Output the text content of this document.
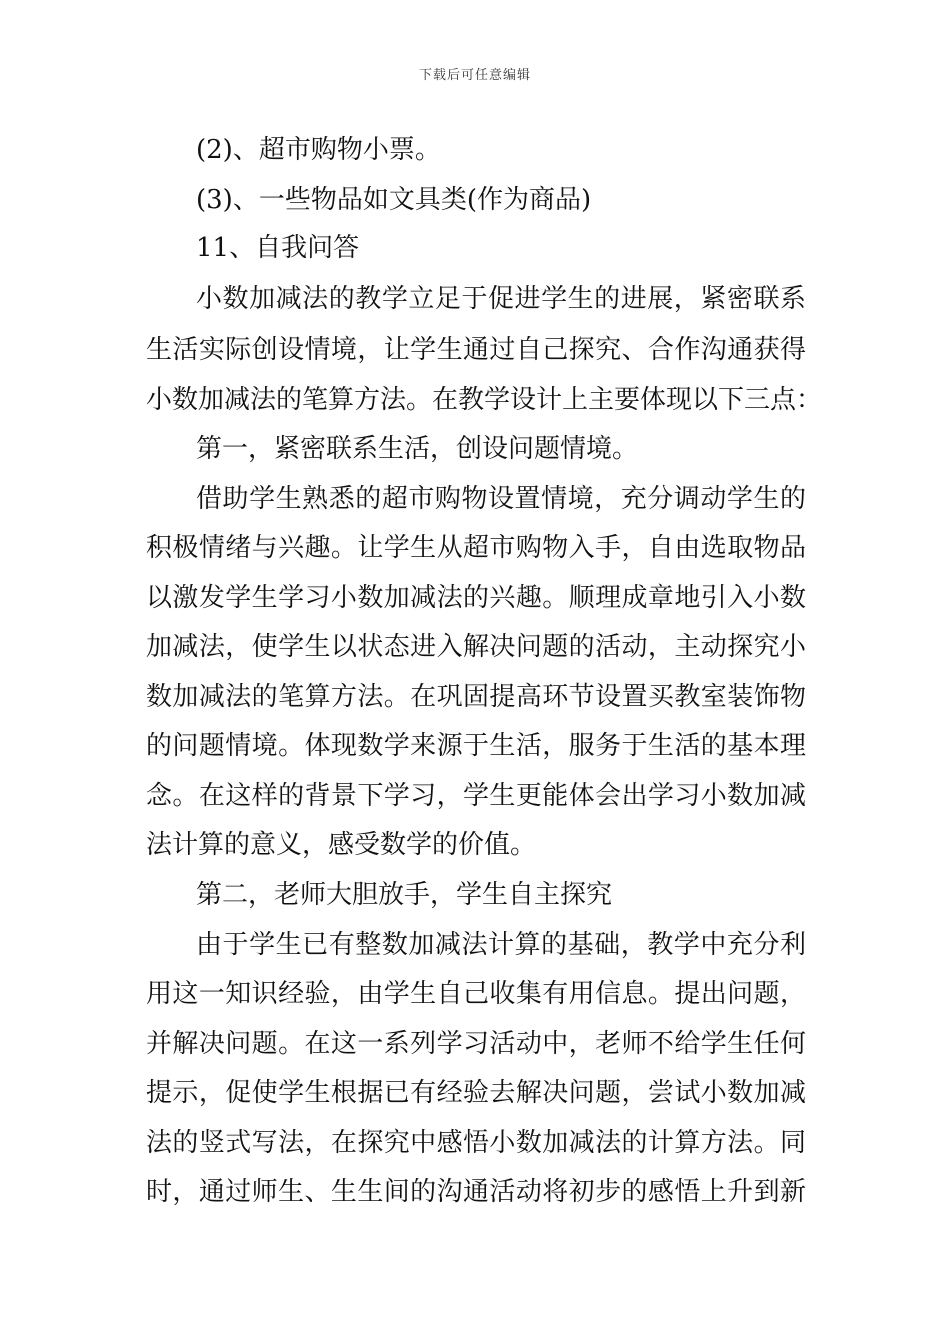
下载后可任意编辑
(2)、超市购物小票。
(3)、一些物品如文具类(作为商品)
11、自我问答
小数加减法的教学立足于促进学生的进展，紧密联系
生活实际创设情境，让学生通过自己探究、合作沟通获得
小数加减法的笔算方法。在教学设计上主要体现以下三点：
第一，紧密联系生活，创设问题情境。
借助学生熟悉的超市购物设置情境，充分调动学生的
积极情绪与兴趣。让学生从超市购物入手，自由选取物品
以激发学生学习小数加减法的兴趣。顺理成章地引入小数
加减法，使学生以状态进入解决问题的活动，主动探究小
数加减法的笔算方法。在巩固提高环节设置买教室装饰物
的问题情境。体现数学来源于生活，服务于生活的基本理
念。在这样的背景下学习，学生更能体会出学习小数加减
法计算的意义，感受数学的价值。
第二，老师大胆放手，学生自主探究
由于学生已有整数加减法计算的基础，教学中充分利
用这一知识经验，由学生自己收集有用信息。提出问题，
并解决问题。在这一系列学习活动中，老师不给学生任何
提示，促使学生根据已有经验去解决问题，尝试小数加减
法的竖式写法，在探究中感悟小数加减法的计算方法。同
时，通过师生、生生间的沟通活动将初步的感悟上升到新
